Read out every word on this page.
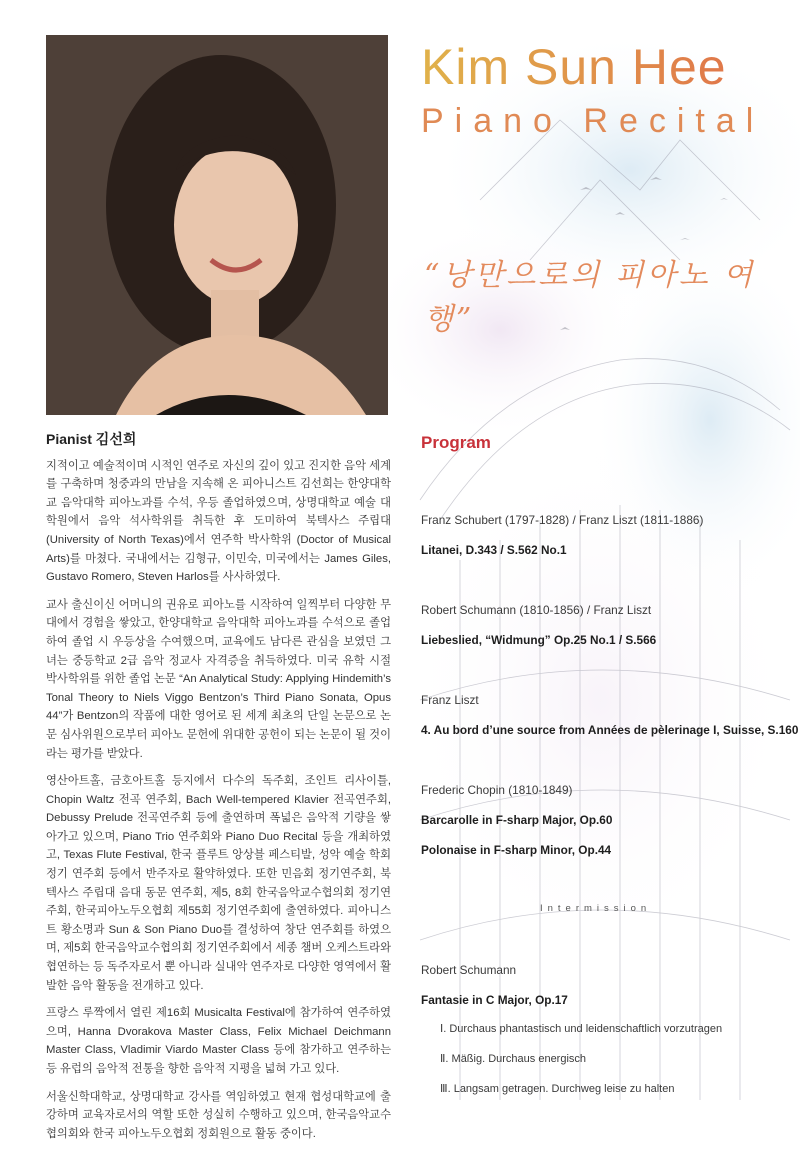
Kim Sun Hee
Piano Recital
“낭만으로의 피아노 여행”
Pianist 김선희

지적이고 예술적이며 시적인 연주로 자신의 깊이 있고 진지한 음악 세계를 구축하며 청중과의 만남을 지속해 온 피아니스트 김선희는 한양대학교 음악대학 피아노과를 수석, 우등 졸업하였으며, 상명대학교 예술 대학원에서 음악 석사학위를 취득한 후 도미하여 북텍사스 주립대(University of North Texas)에서 연주학 박사학위 (Doctor of Musical Arts)를 마쳤다. 국내에서는 김형규, 이민숙, 미국에서는 James Giles, Gustavo Romero, Steven Harlos를 사사하였다.

교사 출신이신 어머니의 권유로 피아노를 시작하여 일찍부터 다양한 무대에서 경험을 쌓았고, 한양대학교 음악대학 피아노과를 수석으로 졸업하여 졸업 시 우등상을 수여했으며, 교육에도 남다른 관심을 보였던 그녀는 중등학교 2급 음악 정교사 자격증을 취득하였다. 미국 유학 시절 박사학위를 위한 졸업 논문 “An Analytical Study: Applying Hindemith’s Tonal Theory to Niels Viggo Bentzon’s Third Piano Sonata, Opus 44”가 Bentzon의 작품에 대한 영어로 된 세계 최초의 단일 논문으로 논문 심사위원으로부터 피아노 문헌에 위대한 공헌이 되는 논문이 될 것이라는 평가를 받았다.

영산아트홀, 금호아트홀 등지에서 다수의 독주회, 조인트 리사이틀, Chopin Waltz 전곡 연주회, Bach Well-tempered Klavier 전곡연주회, Debussy Prelude 전곡연주회 등에 출연하며 폭넓은 음악적 기량을 쌓아가고 있으며, Piano Trio 연주회와 Piano Duo Recital 등을 개최하였고, Texas Flute Festival, 한국 플루트 앙상블 페스티발, 성악 예술 학회 정기 연주회 등에서 반주자로 활약하였다. 또한 민음회 정기연주회, 북텍사스 주립대 음대 동문 연주회, 제5, 8회 한국음악교수협의회 정기연주회, 한국피아노두오협회 제55회 정기연주회에 출연하였다. 피아니스트 황소명과 Sun & Son Piano Duo를 결성하여 창단 연주회를 하였으며, 제5회 한국음악교수협의회 정기연주회에서 세종 챔버 오케스트라와 협연하는 등 독주자로서 뿐 아니라 실내악 연주자로 다양한 영역에서 활발한 음악 활동을 전개하고 있다.

프랑스 루짝에서 열린 제16회 Musicalta Festival에 참가하여 연주하였으며, Hanna Dvorakova Master Class, Felix Michael Deichmann Master Class, Vladimir Viardo Master Class 등에 참가하고 연주하는 등 유럽의 음악적 전통을 향한 음악적 지평을 넓혀 가고 있다.

서울신학대학교, 상명대학교 강사를 역임하였고 현재 협성대학교에 출강하며 교육자로서의 역할 또한 성실히 수행하고 있으며, 한국음악교수협의회와 한국 피아노두오협회 정회원으로 활동 중이다.

Program
Franz Schubert (1797-1828) / Franz Liszt (1811-1886)
Litanei, D.343 / S.562 No.1
Robert Schumann (1810-1856) / Franz Liszt
Liebeslied, “Widmung” Op.25 No.1 / S.566
Franz Liszt
4. Au bord d’une source from Années de pèlerinage I, Suisse, S.160
Frederic Chopin (1810-1849)
Barcarolle in F-sharp Major, Op.60
Polonaise in F-sharp Minor, Op.44
Intermission
Robert Schumann
Fantasie in C Major, Op.17
Ⅰ. Durchaus phantastisch und leidenschaftlich vorzutragen
Ⅱ. Mäßig. Durchaus energisch
Ⅲ. Langsam getragen. Durchweg leise zu halten
